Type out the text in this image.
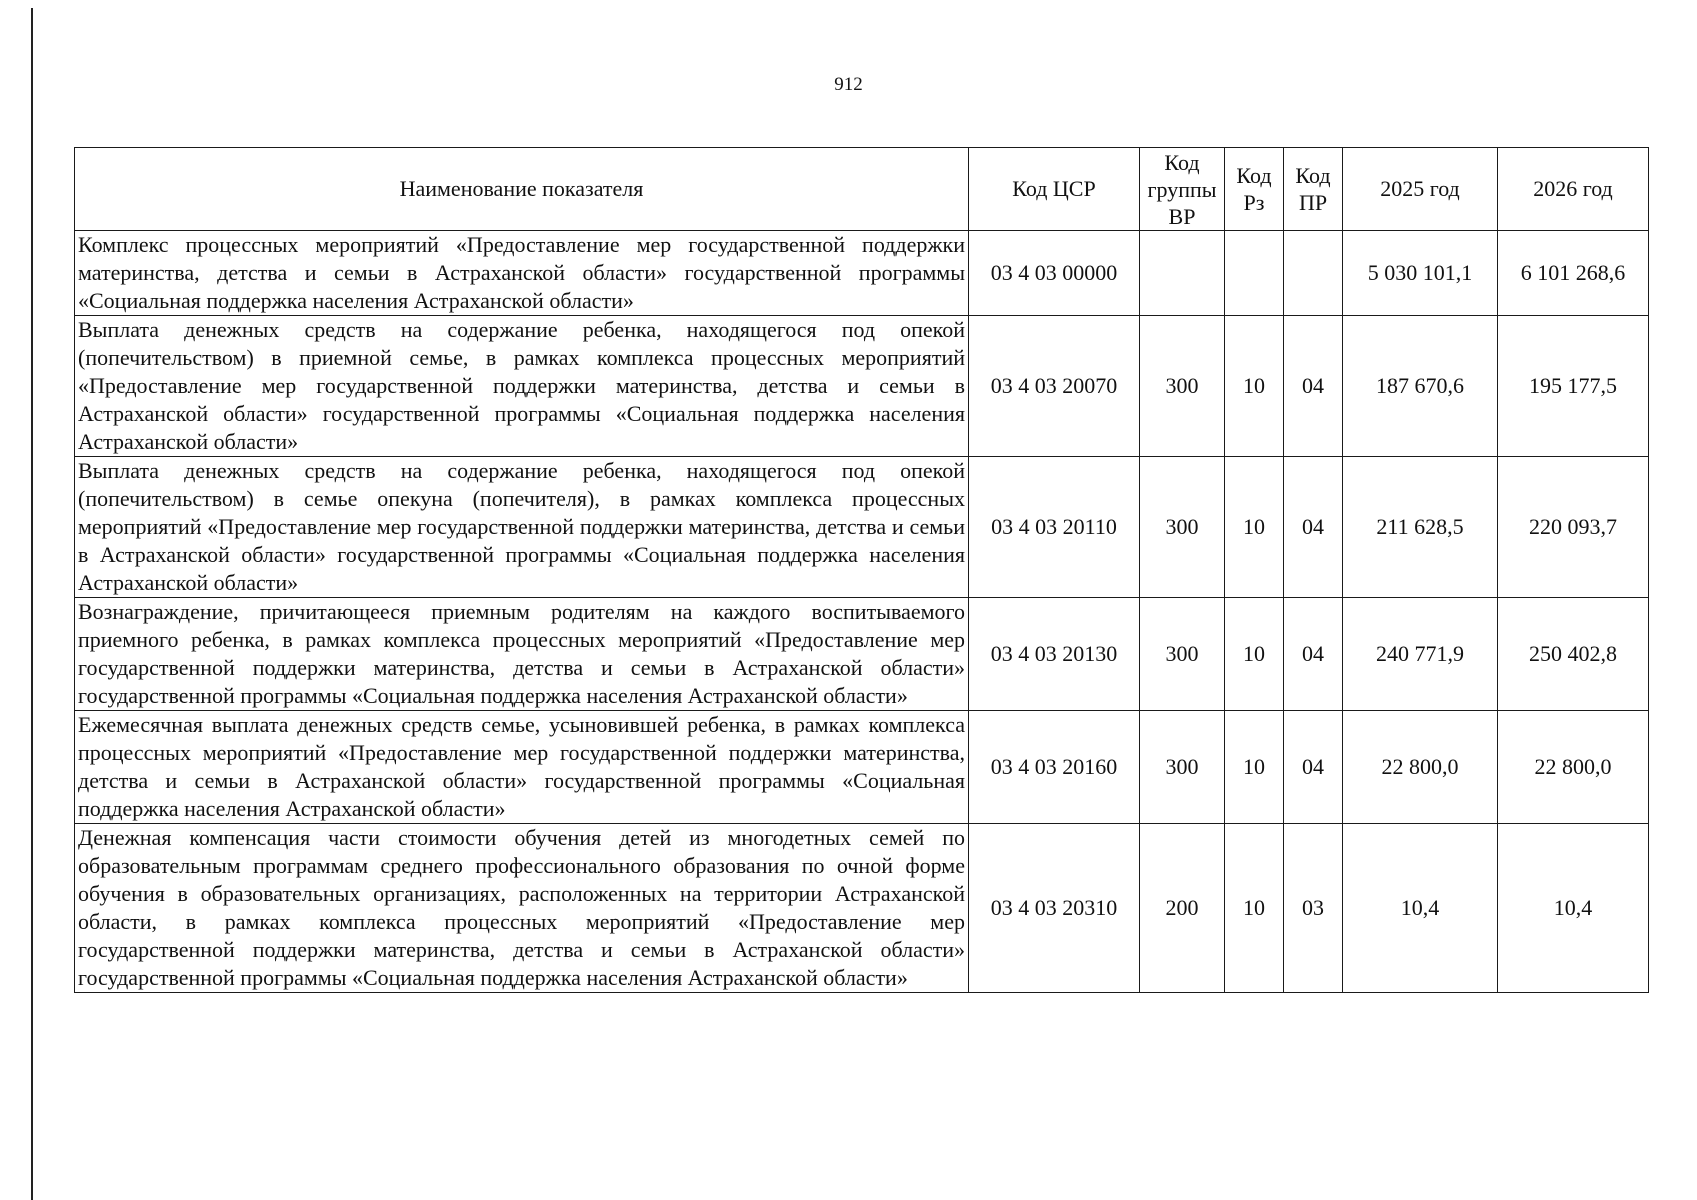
912
Наименование показателя	Код ЦСР	Код группы ВР	Код Рз	Код ПР	2025 год	2026 год
Комплекс процессных мероприятий «Предоставление мер государственной поддержки материнства, детства и семьи в Астраханской области» государственной программы «Социальная поддержка населения Астраханской области»	03 4 03 00000				5 030 101,1	6 101 268,6
Выплата денежных средств на содержание ребенка, находящегося под опекой (попечительством) в приемной семье, в рамках комплекса процессных мероприятий «Предоставление мер государственной поддержки материнства, детства и семьи в Астраханской области» государственной программы «Социальная поддержка населения Астраханской области»	03 4 03 20070	300	10	04	187 670,6	195 177,5
Выплата денежных средств на содержание ребенка, находящегося под опекой (попечительством) в семье опекуна (попечителя), в рамках комплекса процессных мероприятий «Предоставление мер государственной поддержки материнства, детства и семьи в Астраханской области» государственной программы «Социальная поддержка населения Астраханской области»	03 4 03 20110	300	10	04	211 628,5	220 093,7
Вознаграждение, причитающееся приемным родителям на каждого воспитываемого приемного ребенка, в рамках комплекса процессных мероприятий «Предоставление мер государственной поддержки материнства, детства и семьи в Астраханской области» государственной программы «Социальная поддержка населения Астраханской области»	03 4 03 20130	300	10	04	240 771,9	250 402,8
Ежемесячная выплата денежных средств семье, усыновившей ребенка, в рамках комплекса процессных мероприятий «Предоставление мер государственной поддержки материнства, детства и семьи в Астраханской области» государственной программы «Социальная поддержка населения Астраханской области»	03 4 03 20160	300	10	04	22 800,0	22 800,0
Денежная компенсация части стоимости обучения детей из многодетных семей по образовательным программам среднего профессионального образования по очной форме обучения в образовательных организациях, расположенных на территории Астраханской области, в рамках комплекса процессных мероприятий «Предоставление мер государственной поддержки материнства, детства и семьи в Астраханской области» государственной программы «Социальная поддержка населения Астраханской области»	03 4 03 20310	200	10	03	10,4	10,4
